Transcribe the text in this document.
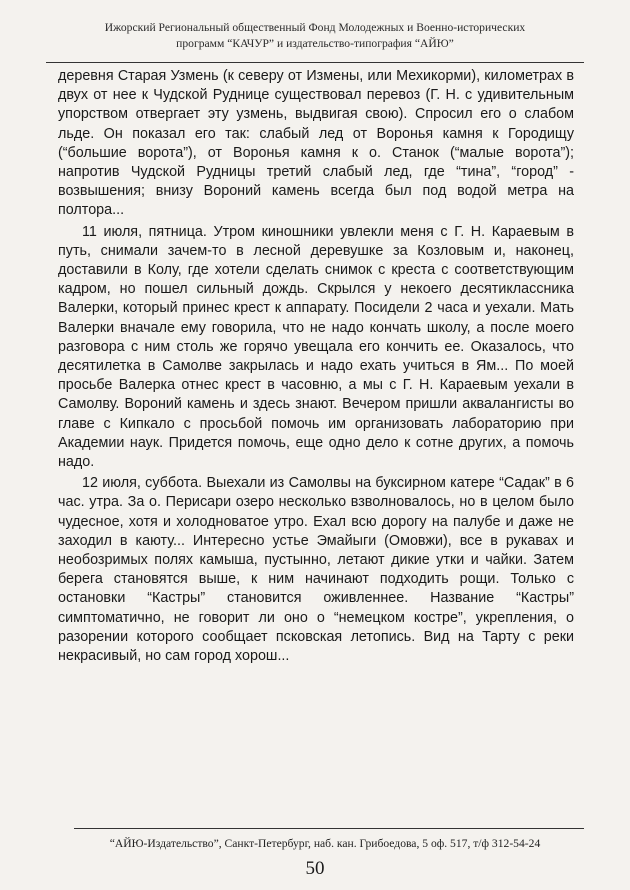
Ижорский Региональный общественный Фонд Молодежных и Военно-исторических
программ “КАЧУР” и издательство-типография “АЙЮ”

деревня Старая Узмень (к северу от Измены, или Мехикорми), километрах в двух от нее к Чудской Руднице существовал перевоз (Г. Н. с удивительным упорством отвергает эту узмень, выдвигая свою). Спросил его о слабом льде. Он показал его так: слабый лед от Воронья камня к Городищу (“большие ворота”), от Воронья камня к о. Станок (“малые ворота”); напротив Чудской Рудницы третий слабый лед, где “тина”, “город” - возвышения; внизу Вороний камень всегда был под водой метра на полтора...

11 июля, пятница. Утром киношники увлекли меня с Г. Н. Караевым в путь, снимали зачем-то в лесной деревушке за Козловым и, наконец, доставили в Колу, где хотели сделать снимок с креста с соответствующим кадром, но пошел сильный дождь. Скрылся у некоего десятиклассника Валерки, который принес крест к аппарату. Посидели 2 часа и уехали. Мать Валерки вначале ему говорила, что не надо кончать школу, а после моего разговора с ним столь же горячо увещала его кончить ее. Оказалось, что десятилетка в Самолве закрылась и надо ехать учиться в Ям... По моей просьбе Валерка отнес крест в часовню, а мы с Г. Н. Караевым уехали в Самолву. Вороний камень и здесь знают. Вечером пришли аквалангисты во главе с Кипкало с просьбой помочь им организовать лабораторию при Академии наук. Придется помочь, еще одно дело к сотне других, а помочь надо.

12 июля, суббота. Выехали из Самолвы на буксирном катере “Садак” в 6 час. утра. За о. Перисари озеро несколько взволновалось, но в целом было чудесное, хотя и холодноватое утро. Ехал всю дорогу на палубе и даже не заходил в каюту... Интересно устье Эмайыги (Омовжи), все в рукавах и необозримых полях камыша, пустынно, летают дикие утки и чайки. Затем берега становятся выше, к ним начинают подходить рощи. Только с остановки “Кастры” становится оживленнее. Название “Кастры” симптоматично, не говорит ли оно о “немецком костре”, укрепления, о разорении которого сообщает псковская летопись. Вид на Тарту с реки некрасивый, но сам город хорош...

“АЙЮ-Издательство”, Санкт-Петербург, наб. кан. Грибоедова, 5 оф. 517, т/ф 312-54-24
50
